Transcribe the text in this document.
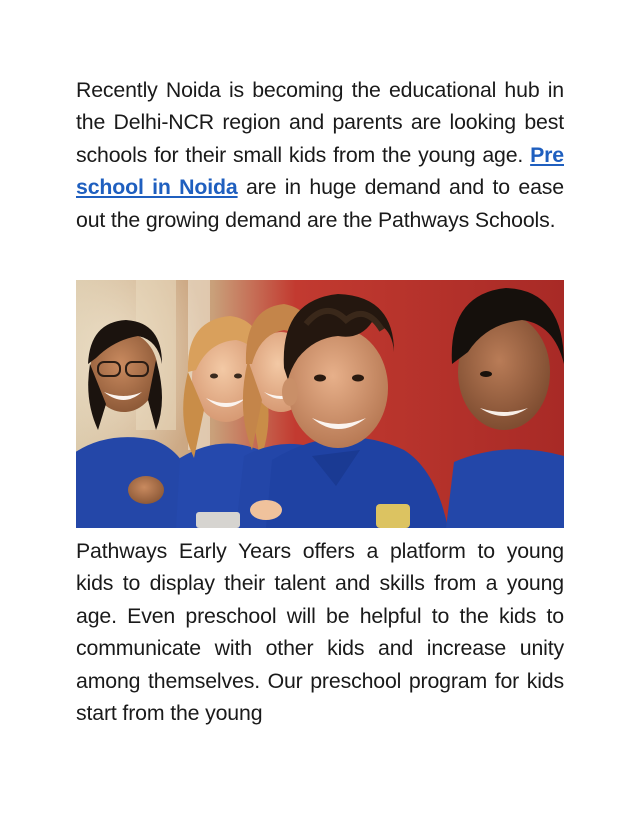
Recently Noida is becoming the educational hub in the Delhi-NCR region and parents are looking best schools for their small kids from the young age. Pre school in Noida are in huge demand and to ease out the growing demand are the Pathways Schools.

Pathways Early Years offers a platform to young kids to display their talent and skills from a young age. Even preschool will be helpful to the kids to communicate with other kids and increase unity among themselves. Our preschool program for kids start from the young
